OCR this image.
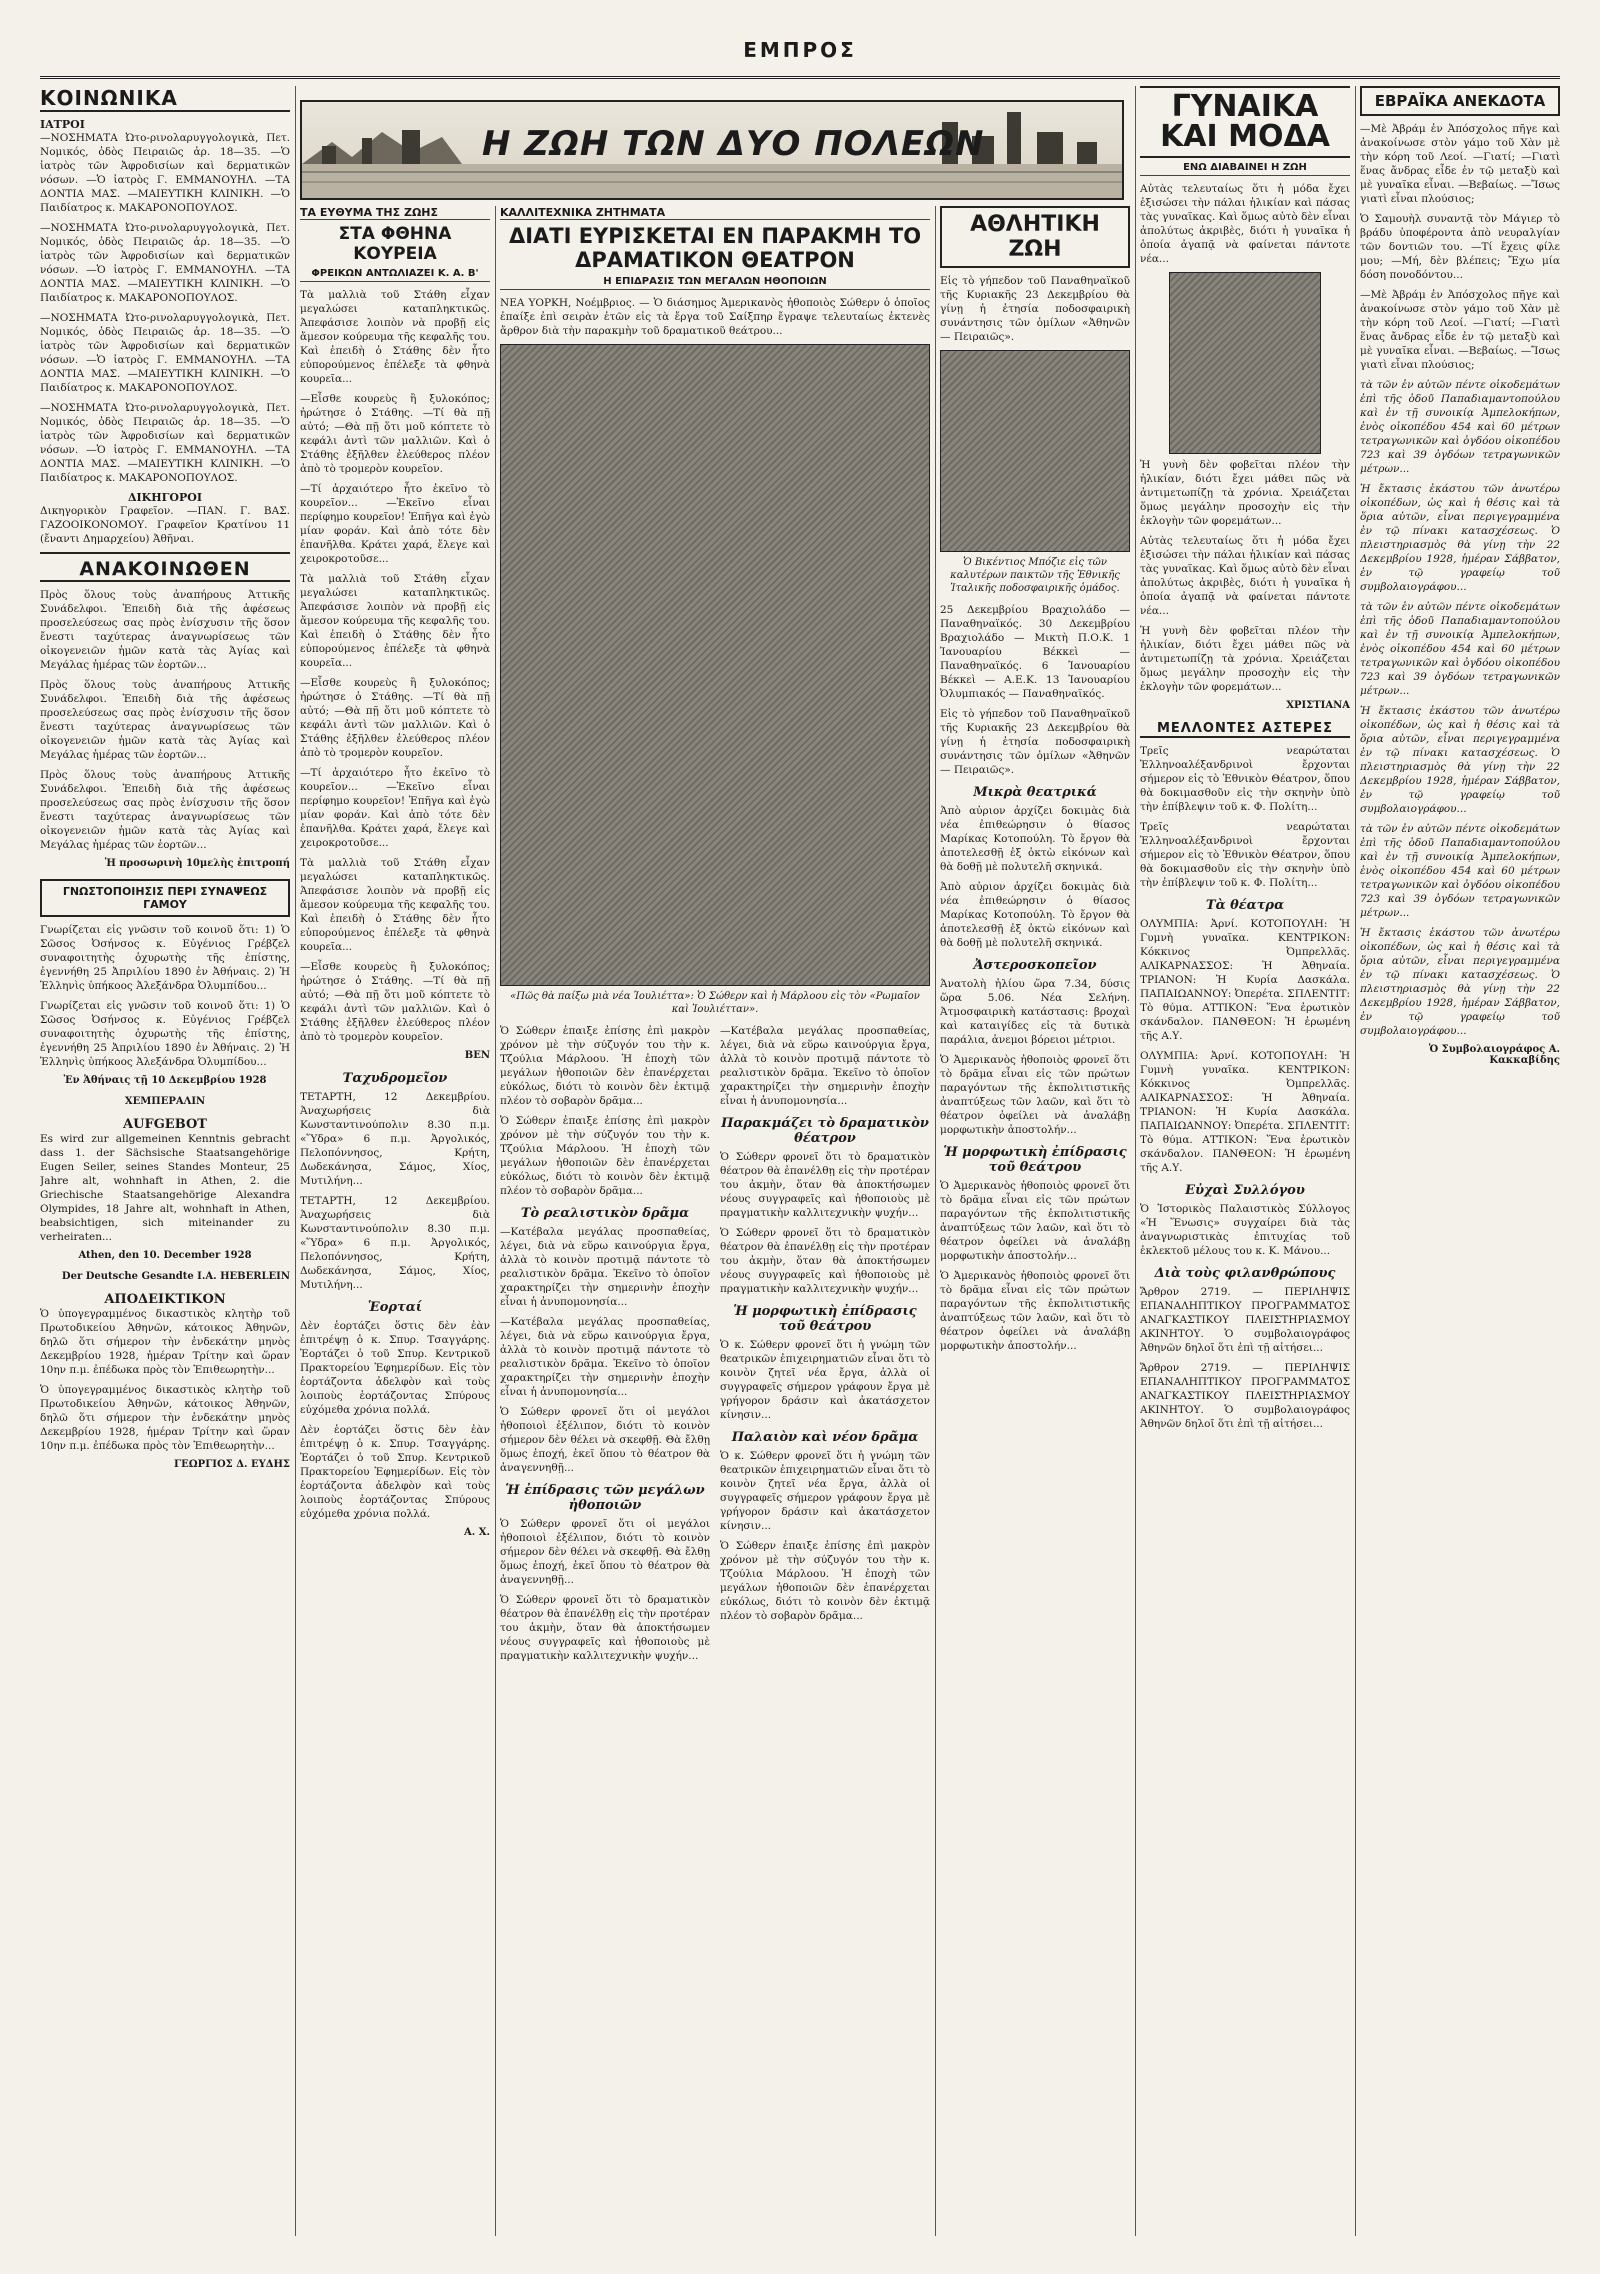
ΕΜΠΡΟΣ
ΚΟΙΝΩΝΙΚΑ
ΙΑΤΡΟΙ

—ΝΟΣΗΜΑΤΑ Ὠτο-ρινολαρυγγολογικὰ, Πετ. Νομικός, ὁδὸς Πειραιῶς ἀρ. 18—35. —Ὁ ἰατρὸς τῶν Ἀφροδισίων καὶ δερματικῶν νόσων. —Ὁ ἰατρὸς Γ. ΕΜΜΑΝΟΥΗΛ. —ΤΑ ΔΟΝΤΙΑ ΜΑΣ. —ΜΑΙΕΥΤΙΚΗ ΚΛΙΝΙΚΗ. —Ὁ Παιδίατρος κ. ΜΑΚΑΡΟΝΟΠΟΥΛΟΣ.

—ΝΟΣΗΜΑΤΑ Ὠτο-ρινολαρυγγολογικὰ, Πετ. Νομικός, ὁδὸς Πειραιῶς ἀρ. 18—35. —Ὁ ἰατρὸς τῶν Ἀφροδισίων καὶ δερματικῶν νόσων. —Ὁ ἰατρὸς Γ. ΕΜΜΑΝΟΥΗΛ. —ΤΑ ΔΟΝΤΙΑ ΜΑΣ. —ΜΑΙΕΥΤΙΚΗ ΚΛΙΝΙΚΗ. —Ὁ Παιδίατρος κ. ΜΑΚΑΡΟΝΟΠΟΥΛΟΣ.

—ΝΟΣΗΜΑΤΑ Ὠτο-ρινολαρυγγολογικὰ, Πετ. Νομικός, ὁδὸς Πειραιῶς ἀρ. 18—35. —Ὁ ἰατρὸς τῶν Ἀφροδισίων καὶ δερματικῶν νόσων. —Ὁ ἰατρὸς Γ. ΕΜΜΑΝΟΥΗΛ. —ΤΑ ΔΟΝΤΙΑ ΜΑΣ. —ΜΑΙΕΥΤΙΚΗ ΚΛΙΝΙΚΗ. —Ὁ Παιδίατρος κ. ΜΑΚΑΡΟΝΟΠΟΥΛΟΣ.

—ΝΟΣΗΜΑΤΑ Ὠτο-ρινολαρυγγολογικὰ, Πετ. Νομικός, ὁδὸς Πειραιῶς ἀρ. 18—35. —Ὁ ἰατρὸς τῶν Ἀφροδισίων καὶ δερματικῶν νόσων. —Ὁ ἰατρὸς Γ. ΕΜΜΑΝΟΥΗΛ. —ΤΑ ΔΟΝΤΙΑ ΜΑΣ. —ΜΑΙΕΥΤΙΚΗ ΚΛΙΝΙΚΗ. —Ὁ Παιδίατρος κ. ΜΑΚΑΡΟΝΟΠΟΥΛΟΣ.

ΔΙΚΗΓΟΡΟΙ

Δικηγορικὸν Γραφεῖον. —ΠΑΝ. Γ. ΒΑΣ. ΓΑΖΟΟΙΚΟΝΟΜΟΥ. Γραφεῖον Κρατίνου 11 (ἔναντι Δημαρχείου) Ἀθῆναι.

ΑΝΑΚΟΙΝΩΘΕΝ

Πρὸς ὅλους τοὺς ἀναπήρους Ἀττικῆς Συνάδελφοι. Ἐπειδὴ διὰ τῆς ἀφέσεως προσελεύσεως σας πρὸς ἐνίσχυσιν τῆς ὅσον ἔνεστι ταχύτερας ἀναγνωρίσεως τῶν οἰκογενειῶν ἡμῶν κατὰ τὰς Ἀγίας καὶ Μεγάλας ἡμέρας τῶν ἑορτῶν...

Πρὸς ὅλους τοὺς ἀναπήρους Ἀττικῆς Συνάδελφοι. Ἐπειδὴ διὰ τῆς ἀφέσεως προσελεύσεως σας πρὸς ἐνίσχυσιν τῆς ὅσον ἔνεστι ταχύτερας ἀναγνωρίσεως τῶν οἰκογενειῶν ἡμῶν κατὰ τὰς Ἀγίας καὶ Μεγάλας ἡμέρας τῶν ἑορτῶν...

Πρὸς ὅλους τοὺς ἀναπήρους Ἀττικῆς Συνάδελφοι. Ἐπειδὴ διὰ τῆς ἀφέσεως προσελεύσεως σας πρὸς ἐνίσχυσιν τῆς ὅσον ἔνεστι ταχύτερας ἀναγνωρίσεως τῶν οἰκογενειῶν ἡμῶν κατὰ τὰς Ἀγίας καὶ Μεγάλας ἡμέρας τῶν ἑορτῶν...

Ἡ προσωρινὴ 10μελὴς ἐπιτροπή
ΓΝΩΣΤΟΠΟΙΗΣΙΣ ΠΕΡΙ ΣΥΝΑΨΕΩΣ ΓΑΜΟΥ

Γνωρίζεται εἰς γνῶσιν τοῦ κοινοῦ ὅτι: 1) Ὁ Σῶσος Ὀσήνσος κ. Εὐγένιος Γρέβζελ συναφοιτητὴς ὀχυρωτὴς τῆς ἐπίστης, ἐγεννήθη 25 Ἀπριλίου 1890 ἐν Ἀθήναις. 2) Ἡ Ἑλληνὶς ὑπήκοος Ἀλεξάνδρα Ὀλυμπίδου...

Γνωρίζεται εἰς γνῶσιν τοῦ κοινοῦ ὅτι: 1) Ὁ Σῶσος Ὀσήνσος κ. Εὐγένιος Γρέβζελ συναφοιτητὴς ὀχυρωτὴς τῆς ἐπίστης, ἐγεννήθη 25 Ἀπριλίου 1890 ἐν Ἀθήναις. 2) Ἡ Ἑλληνὶς ὑπήκοος Ἀλεξάνδρα Ὀλυμπίδου...

Ἐν Ἀθήναις τῇ 10 Δεκεμβρίου 1928
ΧΕΜΠΕΡΑΛΙΝ
AUFGEBOT

Es wird zur allgemeinen Kenntnis gebracht dass 1. der Sächsische Staatsangehörige Eugen Seiler, seines Standes Monteur, 25 Jahre alt, wohnhaft in Athen, 2. die Griechische Staatsangehörige Alexandra Olympides, 18 Jahre alt, wohnhaft in Athen, beabsichtigen, sich miteinander zu verheiraten...

Athen, den 10. December 1928
Der Deutsche Gesandte I.A. HEBERLEIN
ΑΠΟΔΕΙΚΤΙΚΟΝ

Ὁ ὑπογεγραμμένος δικαστικὸς κλητὴρ τοῦ Πρωτοδικείου Ἀθηνῶν, κάτοικος Ἀθηνῶν, δηλῶ ὅτι σήμερον τὴν ἐνδεκάτην μηνὸς Δεκεμβρίου 1928, ἡμέραν Τρίτην καὶ ὥραν 10ην π.μ. ἐπέδωκα πρὸς τὸν Ἐπιθεωρητὴν...

Ὁ ὑπογεγραμμένος δικαστικὸς κλητὴρ τοῦ Πρωτοδικείου Ἀθηνῶν, κάτοικος Ἀθηνῶν, δηλῶ ὅτι σήμερον τὴν ἐνδεκάτην μηνὸς Δεκεμβρίου 1928, ἡμέραν Τρίτην καὶ ὥραν 10ην π.μ. ἐπέδωκα πρὸς τὸν Ἐπιθεωρητὴν...

ΓΕΩΡΓΙΟΣ Δ. ΕΥΔΗΣ
Η ΖΩΗ ΤΩΝ ΔΥΟ ΠΟΛΕΩΝ
ΤΑ ΕΥΘΥΜΑ ΤΗΣ ΖΩΗΣ
ΣΤΑ ΦΘΗΝΑ ΚΟΥΡΕΙΑ
ΦΡΕΙΚΩΝ ΑΝΤΩΛΙΑΖΕΙ Κ. Α. Β'

Τὰ μαλλιὰ τοῦ Στάθη εἶχαν μεγαλώσει καταπληκτικῶς. Ἀπεφάσισε λοιπὸν νὰ προβῇ εἰς ἄμεσον κούρευμα τῆς κεφαλῆς του. Καὶ ἐπειδὴ ὁ Στάθης δὲν ἦτο εὐπορούμενος ἐπέλεξε τὰ φθηνὰ κουρεῖα...

—Εἶσθε κουρεὺς ἢ ξυλοκόπος; ἠρώτησε ὁ Στάθης. —Τί θὰ πῇ αὐτό; —Θὰ πῇ ὅτι μοῦ κόπτετε τὸ κεφάλι ἀντὶ τῶν μαλλιῶν. Καὶ ὁ Στάθης ἐξῆλθεν ἐλεύθερος πλέον ἀπὸ τὸ τρομερὸν κουρεῖον.

—Τί ἀρχαιότερο ἦτο ἐκεῖνο τὸ κουρεῖον... —Ἐκεῖνο εἶναι περίφημο κουρεῖον! Ἐπῆγα καὶ ἐγὼ μίαν φοράν. Καὶ ἀπὸ τότε δὲν ἐπανῆλθα. Κράτει χαρά, ἔλεγε καὶ χειροκροτοῦσε...

Τὰ μαλλιὰ τοῦ Στάθη εἶχαν μεγαλώσει καταπληκτικῶς. Ἀπεφάσισε λοιπὸν νὰ προβῇ εἰς ἄμεσον κούρευμα τῆς κεφαλῆς του. Καὶ ἐπειδὴ ὁ Στάθης δὲν ἦτο εὐπορούμενος ἐπέλεξε τὰ φθηνὰ κουρεῖα...

—Εἶσθε κουρεὺς ἢ ξυλοκόπος; ἠρώτησε ὁ Στάθης. —Τί θὰ πῇ αὐτό; —Θὰ πῇ ὅτι μοῦ κόπτετε τὸ κεφάλι ἀντὶ τῶν μαλλιῶν. Καὶ ὁ Στάθης ἐξῆλθεν ἐλεύθερος πλέον ἀπὸ τὸ τρομερὸν κουρεῖον.

—Τί ἀρχαιότερο ἦτο ἐκεῖνο τὸ κουρεῖον... —Ἐκεῖνο εἶναι περίφημο κουρεῖον! Ἐπῆγα καὶ ἐγὼ μίαν φοράν. Καὶ ἀπὸ τότε δὲν ἐπανῆλθα. Κράτει χαρά, ἔλεγε καὶ χειροκροτοῦσε...

Τὰ μαλλιὰ τοῦ Στάθη εἶχαν μεγαλώσει καταπληκτικῶς. Ἀπεφάσισε λοιπὸν νὰ προβῇ εἰς ἄμεσον κούρευμα τῆς κεφαλῆς του. Καὶ ἐπειδὴ ὁ Στάθης δὲν ἦτο εὐπορούμενος ἐπέλεξε τὰ φθηνὰ κουρεῖα...

—Εἶσθε κουρεὺς ἢ ξυλοκόπος; ἠρώτησε ὁ Στάθης. —Τί θὰ πῇ αὐτό; —Θὰ πῇ ὅτι μοῦ κόπτετε τὸ κεφάλι ἀντὶ τῶν μαλλιῶν. Καὶ ὁ Στάθης ἐξῆλθεν ἐλεύθερος πλέον ἀπὸ τὸ τρομερὸν κουρεῖον.

ΒΕΝ
Ταχυδρομεῖον

ΤΕΤΑΡΤΗ, 12 Δεκεμβρίου. Ἀναχωρήσεις διὰ Κωνσταντινούπολιν 8.30 π.μ. «Ὕδρα» 6 π.μ. Ἀργολικός, Πελοπόννησος, Κρήτη, Δωδεκάνησα, Σάμος, Χίος, Μυτιλήνη...

ΤΕΤΑΡΤΗ, 12 Δεκεμβρίου. Ἀναχωρήσεις διὰ Κωνσταντινούπολιν 8.30 π.μ. «Ὕδρα» 6 π.μ. Ἀργολικός, Πελοπόννησος, Κρήτη, Δωδεκάνησα, Σάμος, Χίος, Μυτιλήνη...

Ἑορταί

Δὲν ἑορτάζει ὅστις δὲν ἐὰν ἐπιτρέψῃ ὁ κ. Σπυρ. Τσαγγάρης. Ἑορτάζει ὁ τοῦ Σπυρ. Κεντρικοῦ Πρακτορείου Ἐφημερίδων. Εἰς τὸν ἑορτάζοντα ἀδελφὸν καὶ τοὺς λοιποὺς ἑορτάζοντας Σπύρους εὐχόμεθα χρόνια πολλά.

Δὲν ἑορτάζει ὅστις δὲν ἐὰν ἐπιτρέψῃ ὁ κ. Σπυρ. Τσαγγάρης. Ἑορτάζει ὁ τοῦ Σπυρ. Κεντρικοῦ Πρακτορείου Ἐφημερίδων. Εἰς τὸν ἑορτάζοντα ἀδελφὸν καὶ τοὺς λοιποὺς ἑορτάζοντας Σπύρους εὐχόμεθα χρόνια πολλά.

Α. Χ.
ΚΑΛΛΙΤΕΧΝΙΚΑ ΖΗΤΗΜΑΤΑ
ΔΙΑΤΙ ΕΥΡΙΣΚΕΤΑΙ ΕΝ ΠΑΡΑΚΜΗ ΤΟ ΔΡΑΜΑΤΙΚΟΝ ΘΕΑΤΡΟΝ
Η ΕΠΙΔΡΑΣΙΣ ΤΩΝ ΜΕΓΑΛΩΝ ΗΘΟΠΟΙΩΝ

ΝΕΑ ΥΟΡΚΗ, Νοέμβριος. — Ὁ διάσημος Ἀμερικανὸς ἠθοποιὸς Σώθερν ὁ ὁποῖος ἐπαίξε ἐπὶ σειρὰν ἐτῶν εἰς τὰ ἔργα τοῦ Σαίξπηρ ἔγραψε τελευταίως ἐκτενὲς ἄρθρον διὰ τὴν παρακμὴν τοῦ δραματικοῦ θεάτρου...

«Πῶς θὰ παίξω μιὰ νέα Ἰουλιέττα»: Ὁ Σώθερν καὶ ἡ Μάρλοου εἰς τὸν «Ρωμαῖον καὶ Ἰουλιέτταν».

Ὁ Σώθερν ἐπαιξε ἐπίσης ἐπὶ μακρὸν χρόνον μὲ τὴν σύζυγόν του τὴν κ. Τζούλια Μάρλοου. Ἡ ἐποχὴ τῶν μεγάλων ἠθοποιῶν δὲν ἐπανέρχεται εὐκόλως, διότι τὸ κοινὸν δὲν ἐκτιμᾷ πλέον τὸ σοβαρὸν δρᾶμα...

Ὁ Σώθερν ἐπαιξε ἐπίσης ἐπὶ μακρὸν χρόνον μὲ τὴν σύζυγόν του τὴν κ. Τζούλια Μάρλοου. Ἡ ἐποχὴ τῶν μεγάλων ἠθοποιῶν δὲν ἐπανέρχεται εὐκόλως, διότι τὸ κοινὸν δὲν ἐκτιμᾷ πλέον τὸ σοβαρὸν δρᾶμα...

Τὸ ρεαλιστικὸν δρᾶμα

—Κατέβαλα μεγάλας προσπαθείας, λέγει, διὰ νὰ εὕρω καινούργια ἔργα, ἀλλὰ τὸ κοινὸν προτιμᾷ πάντοτε τὸ ρεαλιστικὸν δρᾶμα. Ἐκεῖνο τὸ ὁποῖον χαρακτηρίζει τὴν σημερινὴν ἐποχὴν εἶναι ἡ ἀνυπομονησία...

—Κατέβαλα μεγάλας προσπαθείας, λέγει, διὰ νὰ εὕρω καινούργια ἔργα, ἀλλὰ τὸ κοινὸν προτιμᾷ πάντοτε τὸ ρεαλιστικὸν δρᾶμα. Ἐκεῖνο τὸ ὁποῖον χαρακτηρίζει τὴν σημερινὴν ἐποχὴν εἶναι ἡ ἀνυπομονησία...

Ὁ Σώθερν φρονεῖ ὅτι οἱ μεγάλοι ἠθοποιοὶ ἐξέλιπον, διότι τὸ κοινὸν σήμερον δὲν θέλει νὰ σκεφθῇ. Θὰ ἔλθῃ ὅμως ἐποχή, ἐκεῖ ὅπου τὸ θέατρον θὰ ἀναγεννηθῇ...

Ἡ ἐπίδρασις τῶν μεγάλων ἠθοποιῶν

Ὁ Σώθερν φρονεῖ ὅτι οἱ μεγάλοι ἠθοποιοὶ ἐξέλιπον, διότι τὸ κοινὸν σήμερον δὲν θέλει νὰ σκεφθῇ. Θὰ ἔλθῃ ὅμως ἐποχή, ἐκεῖ ὅπου τὸ θέατρον θὰ ἀναγεννηθῇ...

Ὁ Σώθερν φρονεῖ ὅτι τὸ δραματικὸν θέατρον θὰ ἐπανέλθῃ εἰς τὴν προτέραν του ἀκμὴν, ὅταν θὰ ἀποκτήσωμεν νέους συγγραφεῖς καὶ ἠθοποιοὺς μὲ πραγματικὴν καλλιτεχνικὴν ψυχήν...

—Κατέβαλα μεγάλας προσπαθείας, λέγει, διὰ νὰ εὕρω καινούργια ἔργα, ἀλλὰ τὸ κοινὸν προτιμᾷ πάντοτε τὸ ρεαλιστικὸν δρᾶμα. Ἐκεῖνο τὸ ὁποῖον χαρακτηρίζει τὴν σημερινὴν ἐποχὴν εἶναι ἡ ἀνυπομονησία...

Παρακμάζει τὸ δραματικὸν θέατρον

Ὁ Σώθερν φρονεῖ ὅτι τὸ δραματικὸν θέατρον θὰ ἐπανέλθῃ εἰς τὴν προτέραν του ἀκμὴν, ὅταν θὰ ἀποκτήσωμεν νέους συγγραφεῖς καὶ ἠθοποιοὺς μὲ πραγματικὴν καλλιτεχνικὴν ψυχήν...

Ὁ Σώθερν φρονεῖ ὅτι τὸ δραματικὸν θέατρον θὰ ἐπανέλθῃ εἰς τὴν προτέραν του ἀκμὴν, ὅταν θὰ ἀποκτήσωμεν νέους συγγραφεῖς καὶ ἠθοποιοὺς μὲ πραγματικὴν καλλιτεχνικὴν ψυχήν...

Ἡ μορφωτικὴ ἐπίδρασις τοῦ θεάτρου

Ὁ κ. Σώθερν φρονεῖ ὅτι ἡ γνώμη τῶν θεατρικῶν ἐπιχειρηματιῶν εἶναι ὅτι τὸ κοινὸν ζητεῖ νέα ἔργα, ἀλλὰ οἱ συγγραφεῖς σήμερον γράφουν ἔργα μὲ γρήγορον δράσιν καὶ ἀκατάσχετον κίνησιν...

Παλαιὸν καὶ νέον δρᾶμα

Ὁ κ. Σώθερν φρονεῖ ὅτι ἡ γνώμη τῶν θεατρικῶν ἐπιχειρηματιῶν εἶναι ὅτι τὸ κοινὸν ζητεῖ νέα ἔργα, ἀλλὰ οἱ συγγραφεῖς σήμερον γράφουν ἔργα μὲ γρήγορον δράσιν καὶ ἀκατάσχετον κίνησιν...

Ὁ Σώθερν ἐπαιξε ἐπίσης ἐπὶ μακρὸν χρόνον μὲ τὴν σύζυγόν του τὴν κ. Τζούλια Μάρλοου. Ἡ ἐποχὴ τῶν μεγάλων ἠθοποιῶν δὲν ἐπανέρχεται εὐκόλως, διότι τὸ κοινὸν δὲν ἐκτιμᾷ πλέον τὸ σοβαρὸν δρᾶμα...

ΑΘΛΗΤΙΚΗ ΖΩΗ

Εἰς τὸ γήπεδον τοῦ Παναθηναϊκοῦ τῆς Κυριακῆς 23 Δεκεμβρίου θὰ γίνῃ ἡ ἐτησία ποδοσφαιρικὴ συνάντησις τῶν ὁμίλων «Ἀθηνῶν — Πειραιῶς».

Ὁ Βικέντιος Μπόζιε εἰς τῶν καλυτέρων παικτῶν τῆς Ἐθνικῆς Ἰταλικῆς ποδοσφαιρικῆς ὁμάδος.

25 Δεκεμβρίου Βραχιολάδο — Παναθηναϊκός. 30 Δεκεμβρίου Βραχιολάδο — Μικτὴ Π.Ο.Κ. 1 Ἰανουαρίου Βέκκεὶ — Παναθηναϊκός. 6 Ἰανουαρίου Βέκκεὶ — Α.Ε.Κ. 13 Ἰανουαρίου Ὀλυμπιακός — Παναθηναϊκός.

Εἰς τὸ γήπεδον τοῦ Παναθηναϊκοῦ τῆς Κυριακῆς 23 Δεκεμβρίου θὰ γίνῃ ἡ ἐτησία ποδοσφαιρικὴ συνάντησις τῶν ὁμίλων «Ἀθηνῶν — Πειραιῶς».

Μικρὰ θεατρικά

Ἀπὸ αὐριον ἀρχίζει δοκιμὰς διὰ νέα ἐπιθεώρησιν ὁ θίασος Μαρίκας Κοτοπούλη. Τὸ ἔργον θὰ ἀποτελεσθῇ ἐξ ὀκτὼ εἰκόνων καὶ θὰ δοθῇ μὲ πολυτελῆ σκηνικά.

Ἀπὸ αὐριον ἀρχίζει δοκιμὰς διὰ νέα ἐπιθεώρησιν ὁ θίασος Μαρίκας Κοτοπούλη. Τὸ ἔργον θὰ ἀποτελεσθῇ ἐξ ὀκτὼ εἰκόνων καὶ θὰ δοθῇ μὲ πολυτελῆ σκηνικά.

Ἀστεροσκοπεῖον

Ἀνατολὴ ἡλίου ὥρα 7.34, δύσις ὥρα 5.06. Νέα Σελήνη. Ἀτμοσφαιρικὴ κατάστασις: βροχαὶ καὶ καταιγίδες εἰς τὰ δυτικὰ παράλια, ἀνεμοι βόρειοι μέτριοι.

Ὁ Ἀμερικανὸς ἠθοποιὸς φρονεῖ ὅτι τὸ δρᾶμα εἶναι εἰς τῶν πρώτων παραγόντων τῆς ἐκπολιτιστικῆς ἀναπτύξεως τῶν λαῶν, καὶ ὅτι τὸ θέατρον ὀφείλει νὰ ἀναλάβῃ μορφωτικὴν ἀποστολήν...

Ἡ μορφωτικὴ ἐπίδρασις τοῦ θεάτρου

Ὁ Ἀμερικανὸς ἠθοποιὸς φρονεῖ ὅτι τὸ δρᾶμα εἶναι εἰς τῶν πρώτων παραγόντων τῆς ἐκπολιτιστικῆς ἀναπτύξεως τῶν λαῶν, καὶ ὅτι τὸ θέατρον ὀφείλει νὰ ἀναλάβῃ μορφωτικὴν ἀποστολήν...

Ὁ Ἀμερικανὸς ἠθοποιὸς φρονεῖ ὅτι τὸ δρᾶμα εἶναι εἰς τῶν πρώτων παραγόντων τῆς ἐκπολιτιστικῆς ἀναπτύξεως τῶν λαῶν, καὶ ὅτι τὸ θέατρον ὀφείλει νὰ ἀναλάβῃ μορφωτικὴν ἀποστολήν...

ΓΥΝΑΙΚΑ ΚΑΙ ΜΟΔΑ
ΕΝΩ ΔΙΑΒΑΙΝΕΙ Η ΖΩΗ

Αὐτὰς τελευταίως ὅτι ἡ μόδα ἔχει ἐξισώσει τὴν πάλαι ἡλικίαν καὶ πάσας τὰς γυναῖκας. Καὶ ὅμως αὐτὸ δὲν εἶναι ἀπολύτως ἀκριβὲς, διότι ἡ γυναῖκα ἡ ὁποία ἀγαπᾷ νὰ φαίνεται πάντοτε νέα...

Ἡ γυνὴ δὲν φοβεῖται πλέον τὴν ἡλικίαν, διότι ἔχει μάθει πῶς νὰ ἀντιμετωπίζῃ τὰ χρόνια. Χρειάζεται ὅμως μεγάλην προσοχὴν εἰς τὴν ἐκλογὴν τῶν φορεμάτων...

Αὐτὰς τελευταίως ὅτι ἡ μόδα ἔχει ἐξισώσει τὴν πάλαι ἡλικίαν καὶ πάσας τὰς γυναῖκας. Καὶ ὅμως αὐτὸ δὲν εἶναι ἀπολύτως ἀκριβὲς, διότι ἡ γυναῖκα ἡ ὁποία ἀγαπᾷ νὰ φαίνεται πάντοτε νέα...

Ἡ γυνὴ δὲν φοβεῖται πλέον τὴν ἡλικίαν, διότι ἔχει μάθει πῶς νὰ ἀντιμετωπίζῃ τὰ χρόνια. Χρειάζεται ὅμως μεγάλην προσοχὴν εἰς τὴν ἐκλογὴν τῶν φορεμάτων...

ΧΡΙΣΤΙΑΝΑ
ΜΕΛΛΟΝΤΕΣ ΑΣΤΕΡΕΣ

Τρεῖς νεαρώταται Ἑλληνοαλέξανδρινοὶ ἔρχονται σήμερον εἰς τὸ Ἐθνικὸν Θέατρον, ὅπου θὰ δοκιμασθοῦν εἰς τὴν σκηνὴν ὑπὸ τὴν ἐπίβλεψιν τοῦ κ. Φ. Πολίτη...

Τρεῖς νεαρώταται Ἑλληνοαλέξανδρινοὶ ἔρχονται σήμερον εἰς τὸ Ἐθνικὸν Θέατρον, ὅπου θὰ δοκιμασθοῦν εἰς τὴν σκηνὴν ὑπὸ τὴν ἐπίβλεψιν τοῦ κ. Φ. Πολίτη...

Τὰ θέατρα

ΟΛΥΜΠΙΑ: Ἀρνί. ΚΟΤΟΠΟΥΛΗ: Ἡ Γυμνὴ γυναῖκα. ΚΕΝΤΡΙΚΟΝ: Κόκκινος Ὀμπρελλᾶς. ΑΛΙΚΑΡΝΑΣΣΟΣ: Ἡ Ἀθηναία. ΤΡΙΑΝΟΝ: Ἡ Κυρία Δασκάλα. ΠΑΠΑΙΩΑΝΝΟΥ: Ὀπερέτα. ΣΠΛΕΝΤΙΤ: Τὸ θύμα. ΑΤΤΙΚΟΝ: Ἕνα ἐρωτικὸν σκάνδαλον. ΠΑΝΘΕΟΝ: Ἡ ἐρωμένη τῆς Α.Υ.

ΟΛΥΜΠΙΑ: Ἀρνί. ΚΟΤΟΠΟΥΛΗ: Ἡ Γυμνὴ γυναῖκα. ΚΕΝΤΡΙΚΟΝ: Κόκκινος Ὀμπρελλᾶς. ΑΛΙΚΑΡΝΑΣΣΟΣ: Ἡ Ἀθηναία. ΤΡΙΑΝΟΝ: Ἡ Κυρία Δασκάλα. ΠΑΠΑΙΩΑΝΝΟΥ: Ὀπερέτα. ΣΠΛΕΝΤΙΤ: Τὸ θύμα. ΑΤΤΙΚΟΝ: Ἕνα ἐρωτικὸν σκάνδαλον. ΠΑΝΘΕΟΝ: Ἡ ἐρωμένη τῆς Α.Υ.

Εὐχαὶ Συλλόγου

Ὁ Ἱστορικὸς Παλαιστικὸς Σύλλογος «Ἡ Ἕνωσις» συγχαίρει διὰ τὰς ἀναγνωριστικὰς ἐπιτυχίας τοῦ ἐκλεκτοῦ μέλους του κ. Κ. Μάνου...

Διὰ τοὺς φιλανθρώπους

Ἄρθρον 2719. — ΠΕΡΙΛΗΨΙΣ ΕΠΑΝΑΛΗΠΤΙΚΟΥ ΠΡΟΓΡΑΜΜΑΤΟΣ ΑΝΑΓΚΑΣΤΙΚΟΥ ΠΛΕΙΣΤΗΡΙΑΣΜΟΥ ΑΚΙΝΗΤΟΥ. Ὁ συμβολαιογράφος Ἀθηνῶν δηλοῖ ὅτι ἐπὶ τῇ αἰτήσει...

Ἄρθρον 2719. — ΠΕΡΙΛΗΨΙΣ ΕΠΑΝΑΛΗΠΤΙΚΟΥ ΠΡΟΓΡΑΜΜΑΤΟΣ ΑΝΑΓΚΑΣΤΙΚΟΥ ΠΛΕΙΣΤΗΡΙΑΣΜΟΥ ΑΚΙΝΗΤΟΥ. Ὁ συμβολαιογράφος Ἀθηνῶν δηλοῖ ὅτι ἐπὶ τῇ αἰτήσει...

ΕΒΡΑΪΚΑ ΑΝΕΚΔΟΤΑ

—Μὲ Ἀβράμ ἐν Ἀπόσχολος πῆγε καὶ ἀνακοίνωσε στὸν γάμο τοῦ Χὰν μὲ τὴν κόρη τοῦ Λεοί. —Γιατί; —Γιατὶ ἕνας ἄνδρας εἶδε ἐν τῷ μεταξὺ καὶ μὲ γυναῖκα εἶναι. —Βεβαίως. —Ἴσως γιατὶ εἶναι πλούσιος;

Ὁ Σαμουὴλ συναντᾷ τὸν Μάγιερ τὸ βράδυ ὑποφέροντα ἀπὸ νευραλγίαν τῶν δοντιῶν του. —Τί ἔχεις φίλε μου; —Μή, δὲν βλέπεις; Ἔχω μία δόση πονοδόντου...

—Μὲ Ἀβράμ ἐν Ἀπόσχολος πῆγε καὶ ἀνακοίνωσε στὸν γάμο τοῦ Χὰν μὲ τὴν κόρη τοῦ Λεοί. —Γιατί; —Γιατὶ ἕνας ἄνδρας εἶδε ἐν τῷ μεταξὺ καὶ μὲ γυναῖκα εἶναι. —Βεβαίως. —Ἴσως γιατὶ εἶναι πλούσιος;

τὰ τῶν ἐν αὐτῶν πέντε οἰκοδεμάτων ἐπὶ τῆς ὁδοῦ Παπαδιαμαντοπούλου καὶ ἐν τῇ συνοικίᾳ Ἀμπελοκήπων, ἑνὸς οἰκοπέδου 454 καὶ 60 μέτρων τετραγωνικῶν καὶ ὀγδόου οἰκοπέδου 723 καὶ 39 ὀγδόων τετραγωνικῶν μέτρων...

Ἡ ἔκτασις ἑκάστου τῶν ἀνωτέρω οἰκοπέδων, ὡς καὶ ἡ θέσις καὶ τὰ ὅρια αὐτῶν, εἶναι περιγεγραμμένα ἐν τῷ πίνακι κατασχέσεως. Ὁ πλειστηριασμὸς θὰ γίνῃ τὴν 22 Δεκεμβρίου 1928, ἡμέραν Σάββατον, ἐν τῷ γραφείῳ τοῦ συμβολαιογράφου...

τὰ τῶν ἐν αὐτῶν πέντε οἰκοδεμάτων ἐπὶ τῆς ὁδοῦ Παπαδιαμαντοπούλου καὶ ἐν τῇ συνοικίᾳ Ἀμπελοκήπων, ἑνὸς οἰκοπέδου 454 καὶ 60 μέτρων τετραγωνικῶν καὶ ὀγδόου οἰκοπέδου 723 καὶ 39 ὀγδόων τετραγωνικῶν μέτρων...

Ἡ ἔκτασις ἑκάστου τῶν ἀνωτέρω οἰκοπέδων, ὡς καὶ ἡ θέσις καὶ τὰ ὅρια αὐτῶν, εἶναι περιγεγραμμένα ἐν τῷ πίνακι κατασχέσεως. Ὁ πλειστηριασμὸς θὰ γίνῃ τὴν 22 Δεκεμβρίου 1928, ἡμέραν Σάββατον, ἐν τῷ γραφείῳ τοῦ συμβολαιογράφου...

τὰ τῶν ἐν αὐτῶν πέντε οἰκοδεμάτων ἐπὶ τῆς ὁδοῦ Παπαδιαμαντοπούλου καὶ ἐν τῇ συνοικίᾳ Ἀμπελοκήπων, ἑνὸς οἰκοπέδου 454 καὶ 60 μέτρων τετραγωνικῶν καὶ ὀγδόου οἰκοπέδου 723 καὶ 39 ὀγδόων τετραγωνικῶν μέτρων...

Ἡ ἔκτασις ἑκάστου τῶν ἀνωτέρω οἰκοπέδων, ὡς καὶ ἡ θέσις καὶ τὰ ὅρια αὐτῶν, εἶναι περιγεγραμμένα ἐν τῷ πίνακι κατασχέσεως. Ὁ πλειστηριασμὸς θὰ γίνῃ τὴν 22 Δεκεμβρίου 1928, ἡμέραν Σάββατον, ἐν τῷ γραφείῳ τοῦ συμβολαιογράφου...

Ὁ Συμβολαιογράφος Α. Κακκαβίδης
